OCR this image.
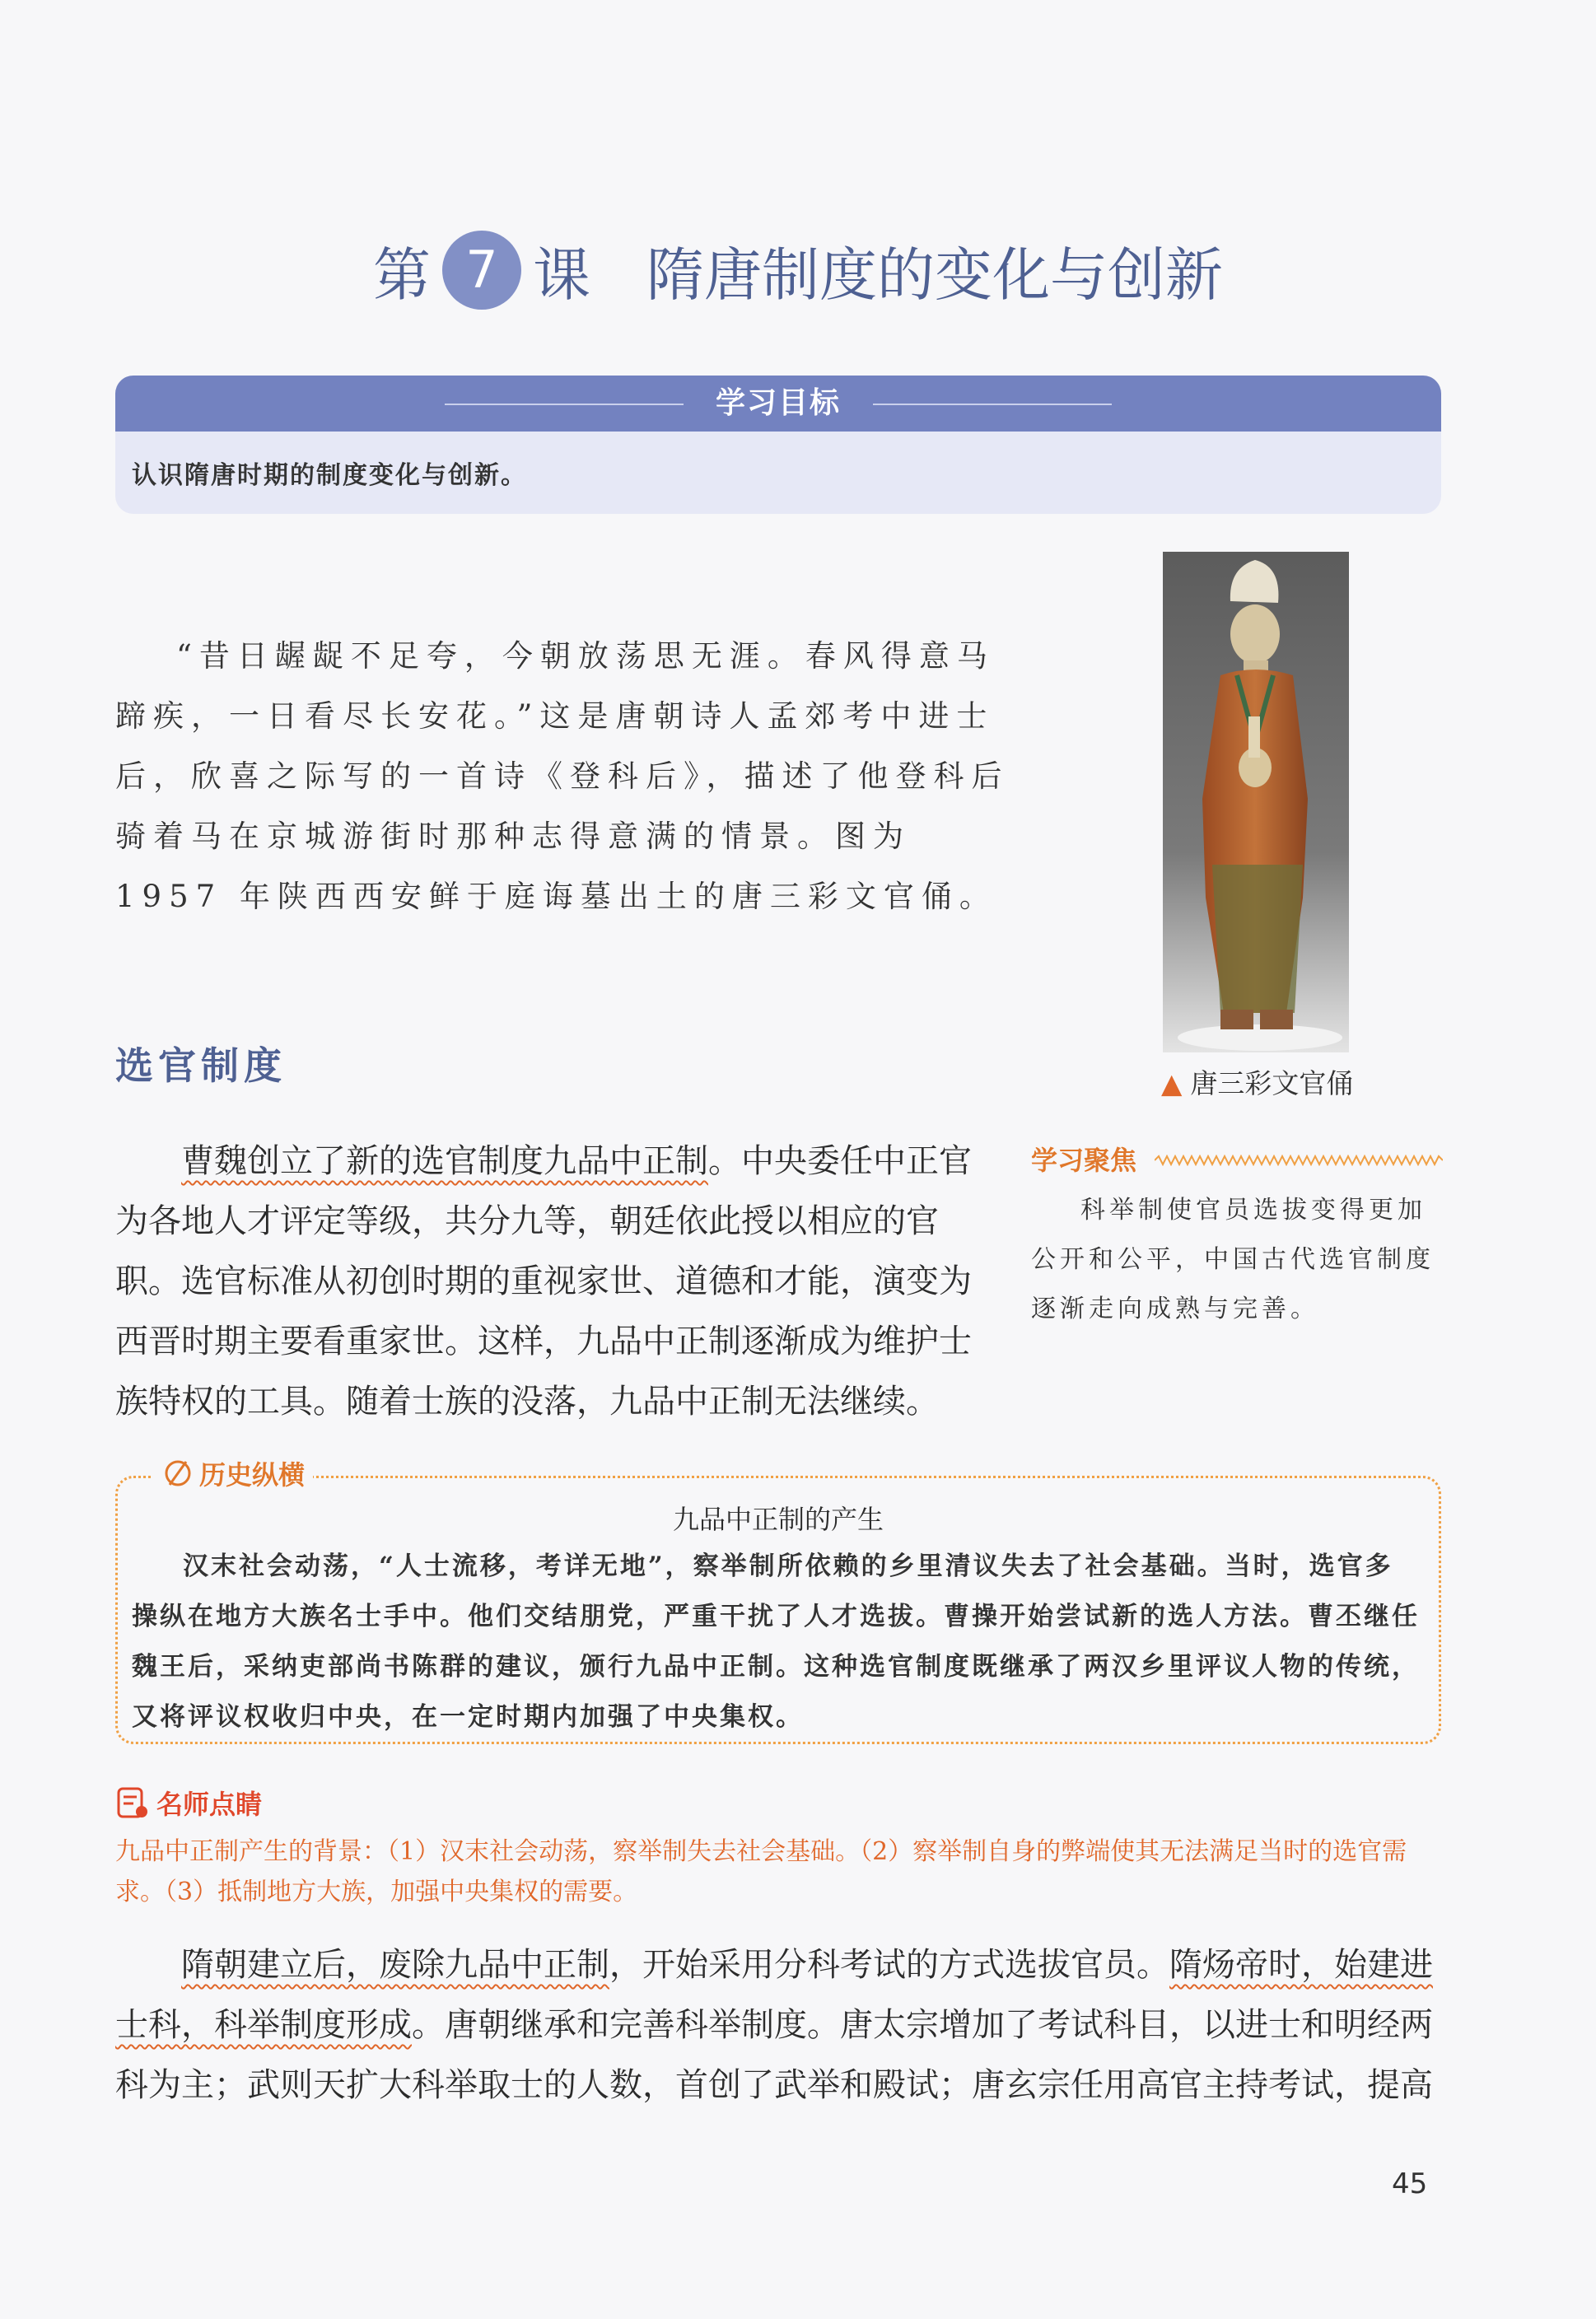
第 7 课 隋唐制度的变化与创新
学习目标
认识隋唐时期的制度变化与创新。

“昔日龌龊不足夸，今朝放荡思无涯。春风得意马蹄疾，一日看尽长安花。”这是唐朝诗人孟郊考中进士后，欣喜之际写的一首诗《登科后》，描述了他登科后骑着马在京城游街时那种志得意满的情景。图为 1957 年陕西西安鲜于庭诲墓出土的唐三彩文官俑。

▲ 唐三彩文官俑
选官制度

曹魏创立了新的选官制度九品中正制。中央委任中正官为各地人才评定等级，共分九等，朝廷依此授以相应的官职。选官标准从初创时期的重视家世、道德和才能，演变为西晋时期主要看重家世。这样，九品中正制逐渐成为维护士族特权的工具。随着士族的没落，九品中正制无法继续。

学习聚焦

科举制使官员选拔变得更加公开和公平，中国古代选官制度逐渐走向成熟与完善。

历史纵横
九品中正制的产生

汉末社会动荡，“人士流移，考详无地”，察举制所依赖的乡里清议失去了社会基础。当时，选官多操纵在地方大族名士手中。他们交结朋党，严重干扰了人才选拔。曹操开始尝试新的选人方法。曹丕继任魏王后，采纳吏部尚书陈群的建议，颁行九品中正制。这种选官制度既继承了两汉乡里评议人物的传统，又将评议权收归中央，在一定时期内加强了中央集权。

名师点睛
九品中正制产生的背景：（1）汉末社会动荡，察举制失去社会基础。（2）察举制自身的弊端使其无法满足当时的选官需求。（3）抵制地方大族，加强中央集权的需要。

隋朝建立后，废除九品中正制，开始采用分科考试的方式选拔官员。隋炀帝时，始建进士科，科举制度形成。唐朝继承和完善科举制度。唐太宗增加了考试科目，以进士和明经两科为主；武则天扩大科举取士的人数，首创了武举和殿试；唐玄宗任用高官主持考试，提高

45
